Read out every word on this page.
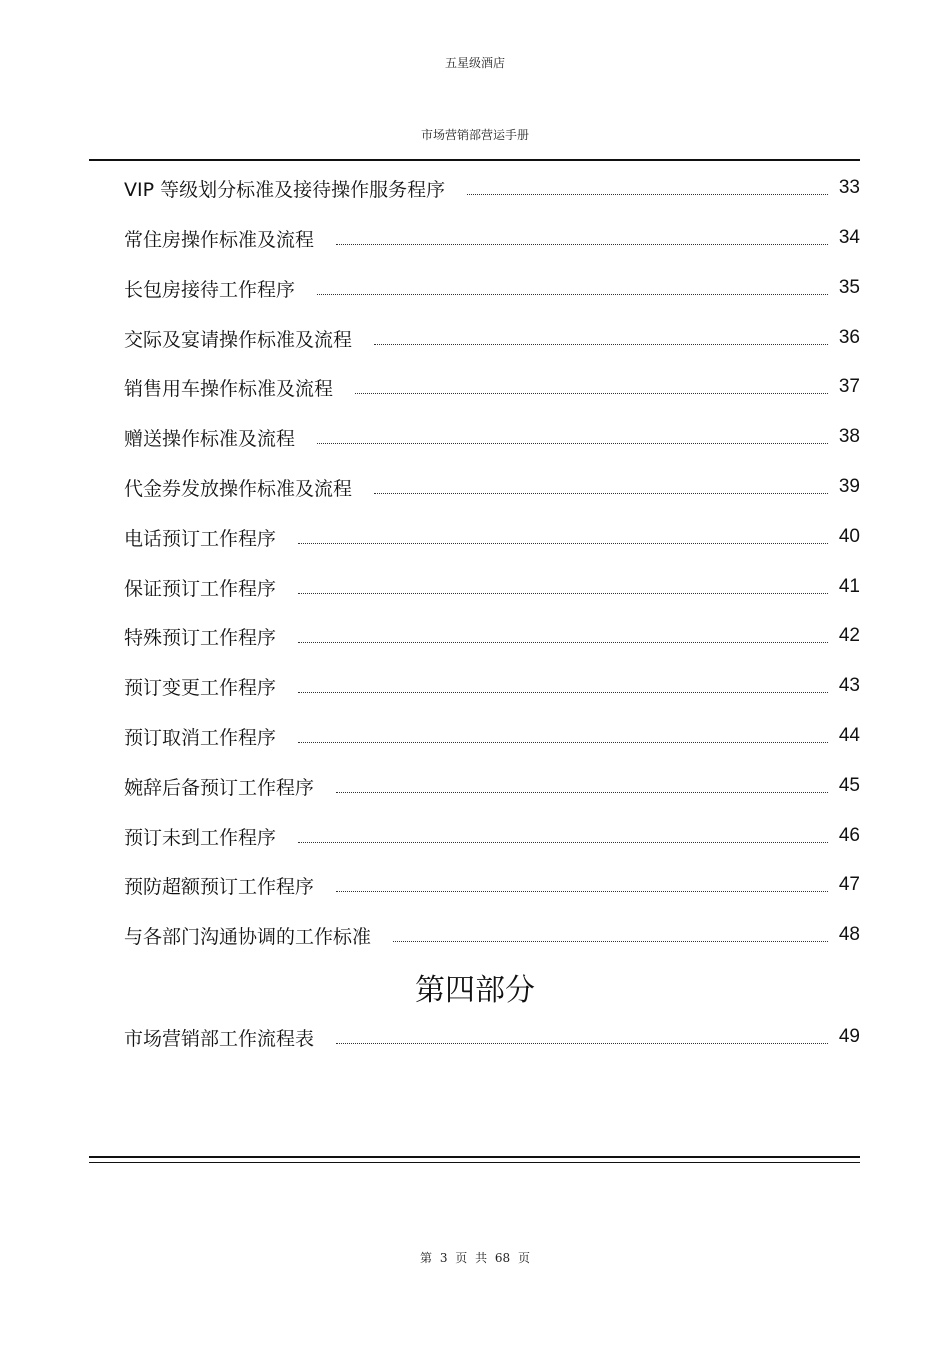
五星级酒店
市场营销部营运手册
VIP 等级划分标准及接待操作服务程序	33
常住房操作标准及流程	34
长包房接待工作程序	35
交际及宴请操作标准及流程	36
销售用车操作标准及流程	37
赠送操作标准及流程	38
代金券发放操作标准及流程	39
电话预订工作程序	40
保证预订工作程序	41
特殊预订工作程序	42
预订变更工作程序	43
预订取消工作程序	44
婉辞后备预订工作程序	45
预订未到工作程序	46
预防超额预订工作程序	47
与各部门沟通协调的工作标准	48
市场营销部工作流程表	49
第四部分
第 3 页 共 68 页
